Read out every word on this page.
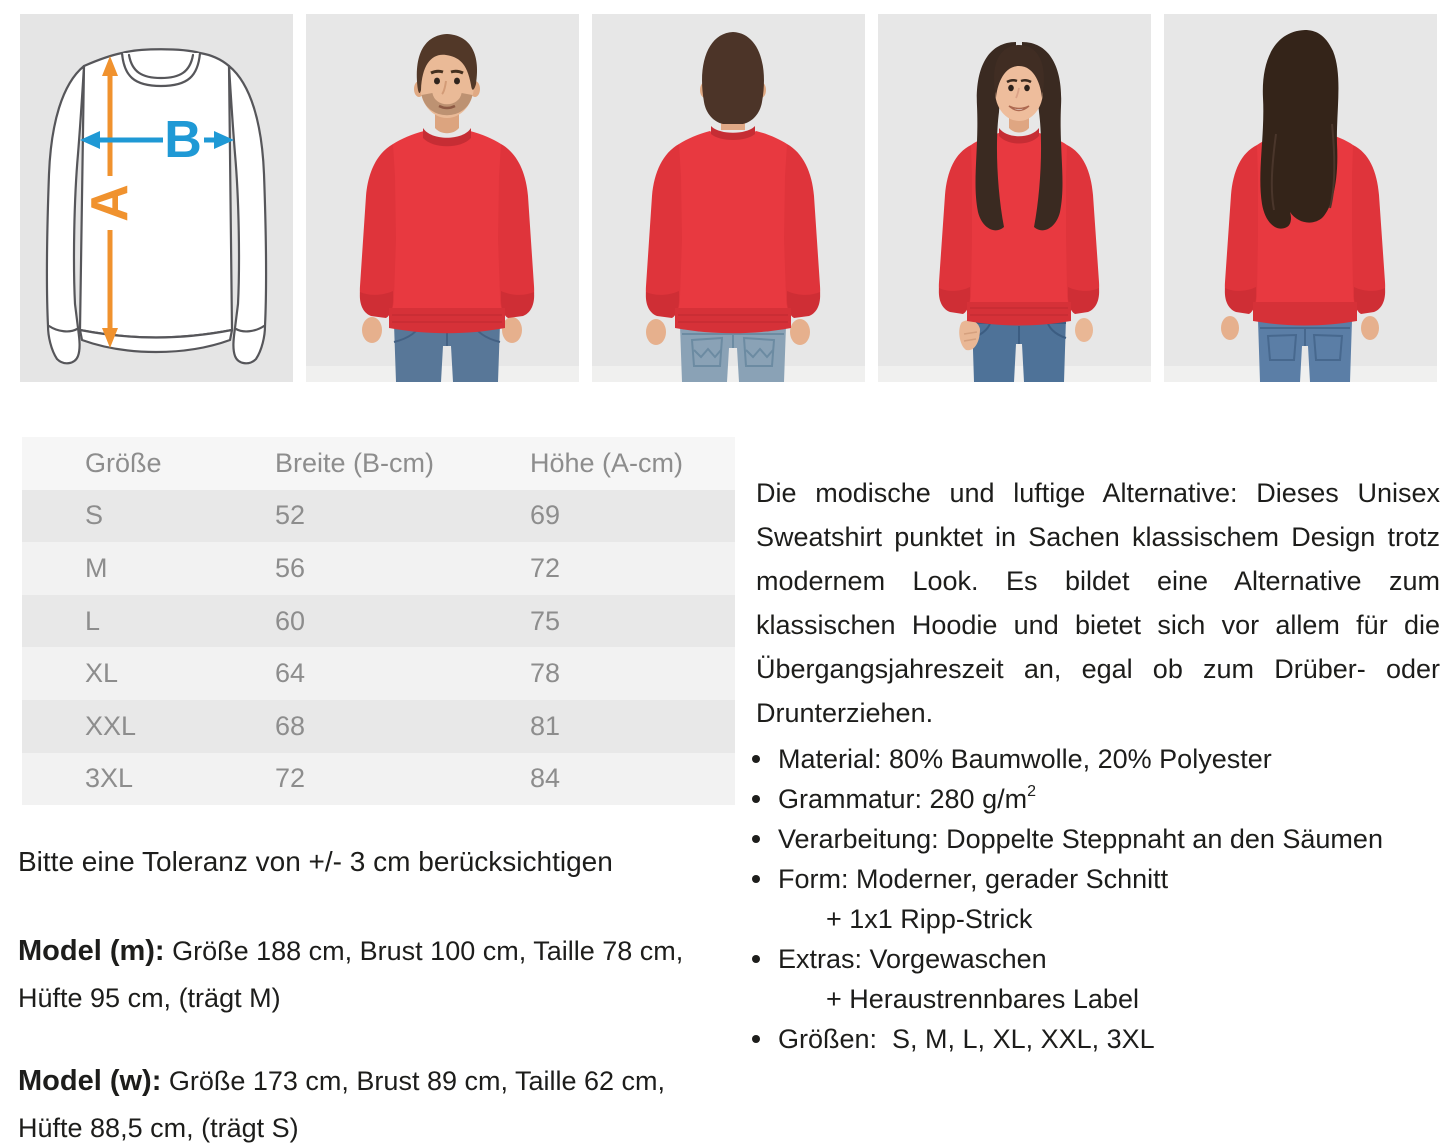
A
B
Größe	Breite (B-cm)	Höhe (A-cm)
S	52	69
M	56	72
L	60	75
XL	64	78
XXL	68	81
3XL	72	84

Bitte eine Toleranz von +/- 3 cm berücksichtigen

Model (m): Größe 188 cm, Brust 100 cm, Taille 78 cm, Hüfte 95 cm, (trägt M)

Model (w): Größe 173 cm, Brust 89 cm, Taille 62 cm, Hüfte 88,5 cm, (trägt S)

Die modische und luftige Alternative: Dieses Unisex Sweatshirt punktet in Sachen klassischem Design trotz modernem Look. Es bildet eine Alternative zum klassischen Hoodie und bietet sich vor allem für die Übergangsjahreszeit an, egal ob zum Drüber- oder Drunterziehen.

Material: 80% Baumwolle, 20% Polyester
Grammatur: 280 $g/m^2$
Verarbeitung: Doppelte Steppnaht an den Säumen
Form: Moderner, gerader Schnitt
+ 1x1 Ripp-Strick
Extras: Vorgewaschen
+ Heraustrennbares Label
Größen:  S, M, L, XL, XXL, 3XL
